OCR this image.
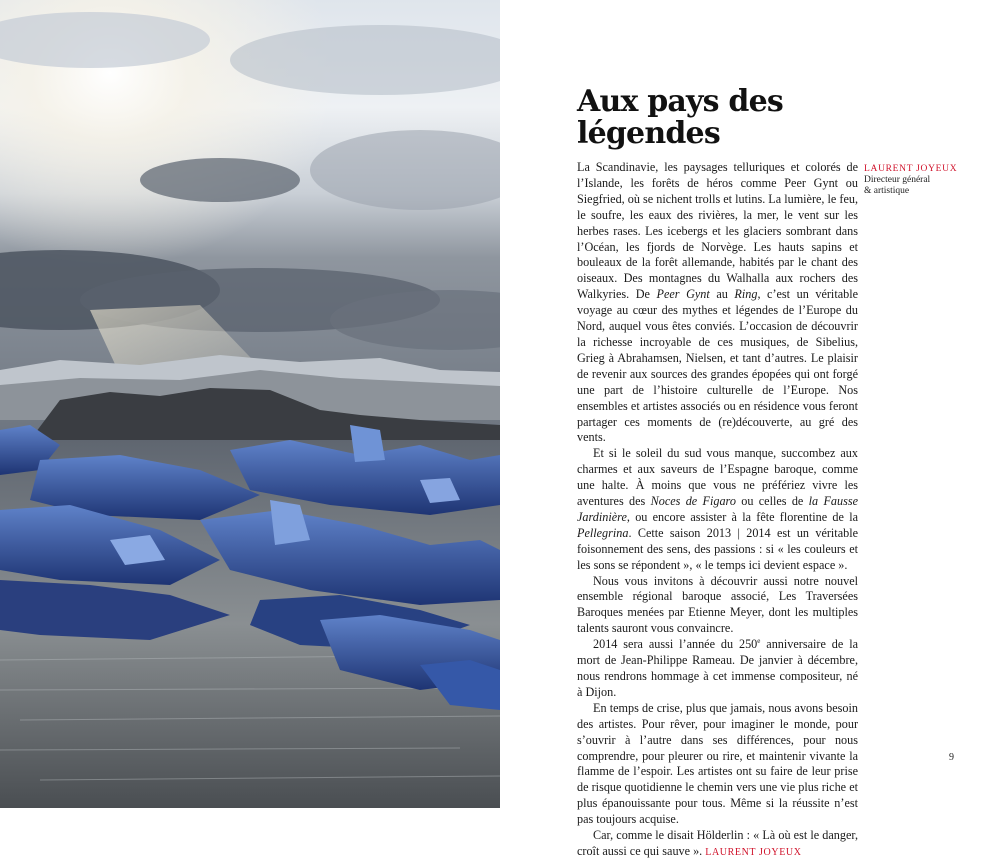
Aux pays des légendes
LAURENT JOYEUX
Directeur général
& artistique

La Scandinavie, les paysages telluriques et colorés de l’Islande, les forêts de héros comme Peer Gynt ou Siegfried, où se nichent trolls et lutins. La lumière, le feu, le soufre, les eaux des rivières, la mer, le vent sur les herbes rases. Les icebergs et les glaciers sombrant dans l’Océan, les fjords de Norvège. Les hauts sapins et bouleaux de la forêt allemande, habités par le chant des oiseaux. Des montagnes du Walhalla aux rochers des Walkyries. De Peer Gynt au Ring, c’est un véritable voyage au cœur des mythes et légendes de l’Europe du Nord, auquel vous êtes conviés. L’occasion de découvrir la richesse incroyable de ces musiques, de Sibelius, Grieg à Abrahamsen, Nielsen, et tant d’autres. Le plaisir de revenir aux sources des grandes épopées qui ont forgé une part de l’histoire culturelle de l’Europe. Nos ensembles et artistes associés ou en résidence vous feront partager ces moments de (re)découverte, au gré des vents.

Et si le soleil du sud vous manque, succombez aux charmes et aux saveurs de l’Espagne baroque, comme une halte. À moins que vous ne préfériez vivre les aventures des Noces de Figaro ou celles de la Fausse Jardinière, ou encore assister à la fête florentine de la Pellegrina. Cette saison 2013 | 2014 est un véritable foisonnement des sens, des passions : si « les couleurs et les sons se répondent », « le temps ici devient espace ».

Nous vous invitons à découvrir aussi notre nouvel ensemble régional baroque associé, Les Traversées Baroques menées par Etienne Meyer, dont les multiples talents sauront vous convaincre.

2014 sera aussi l’année du 250e anniversaire de la mort de Jean-Philippe Rameau. De janvier à décembre, nous rendrons hommage à cet immense compositeur, né à Dijon.

En temps de crise, plus que jamais, nous avons besoin des artistes. Pour rêver, pour imaginer le monde, pour s’ouvrir à l’autre dans ses différences, pour nous comprendre, pour pleurer ou rire, et maintenir vivante la flamme de l’espoir. Les artistes ont su faire de leur prise de risque quotidienne le chemin vers une vie plus riche et plus épanouissante pour tous. Même si la réussite n’est pas toujours acquise.

Car, comme le disait Hölderlin : « Là où est le danger, croît aussi ce qui sauve ». LAURENT JOYEUX

9
